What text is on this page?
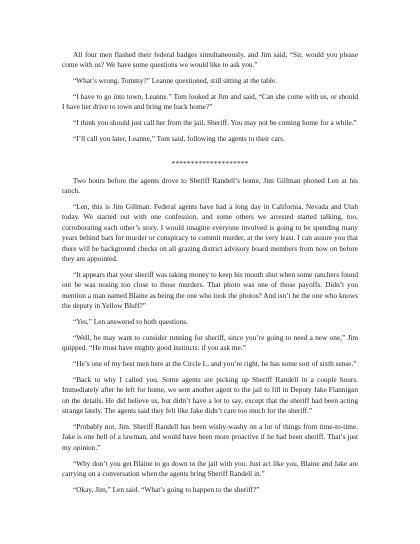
All four men flashed their federal badges simultaneously, and Jim said, “Sir, would you please come with us? We have some questions we would like to ask you.”

“What’s wrong, Tommy?” Leanne questioned, still sitting at the table.

“I have to go into town, Leanne.” Tom looked at Jim and said, “Can she come with us, or should I have her drive to town and bring me back home?”

“I think you should just call her from the jail, Sheriff. You may not be coming home for a while.”

“I’ll call you later, Leanne,” Tom said, following the agents to their cars.

********************

Two hours before the agents drove to Sheriff Randell’s home, Jim Gillman phoned Len at his ranch.

“Len, this is Jim Gillman. Federal agents have had a long day in California, Nevada and Utah today. We started out with one confession, and some others we arrested started talking, too, corroborating each other’s story. I would imagine everyone involved is going to be spending many years behind bars for murder or conspiracy to commit murder, at the very least. I can assure you that there will be background checks on all grazing district advisory board members from now on before they are appointed.

“It appears that your sheriff was taking money to keep his mouth shut when some ranchers found out he was nosing too close to those murders. That photo was one of those payoffs. Didn’t you mention a man named Blaine as being the one who took the photos? And isn’t he the one who knows the deputy in Yellow Bluff?”

“Yes,” Len answered to both questions.

“Well, he may want to consider running for sheriff, since you’re going to need a new one,” Jim quipped. “He must have mighty good instincts, if you ask me.”

“He’s one of my best men here at the Circle L, and you’re right, he has some sort of sixth sense.”

“Back to why I called you. Some agents are picking up Sheriff Randell in a couple hours. Immediately after he left for home, we sent another agent to the jail to fill in Deputy Jake Flannigan on the details. He did believe us, but didn’t have a lot to say, except that the sheriff had been acting strange lately. The agents said they felt like Jake didn’t care too much for the sheriff.”

“Probably not, Jim. Sheriff Randell has been wishy-washy on a lot of things from time-to-time. Jake is one hell of a lawman, and would have been more proactive if he had been sheriff. That’s just my opinion.”

“Why don’t you get Blaine to go down to the jail with you. Just act like you, Blaine and Jake are carrying on a conversation when the agents bring Sheriff Randell in.”

“Okay, Jim,” Len said. “What’s going to happen to the sheriff?”
